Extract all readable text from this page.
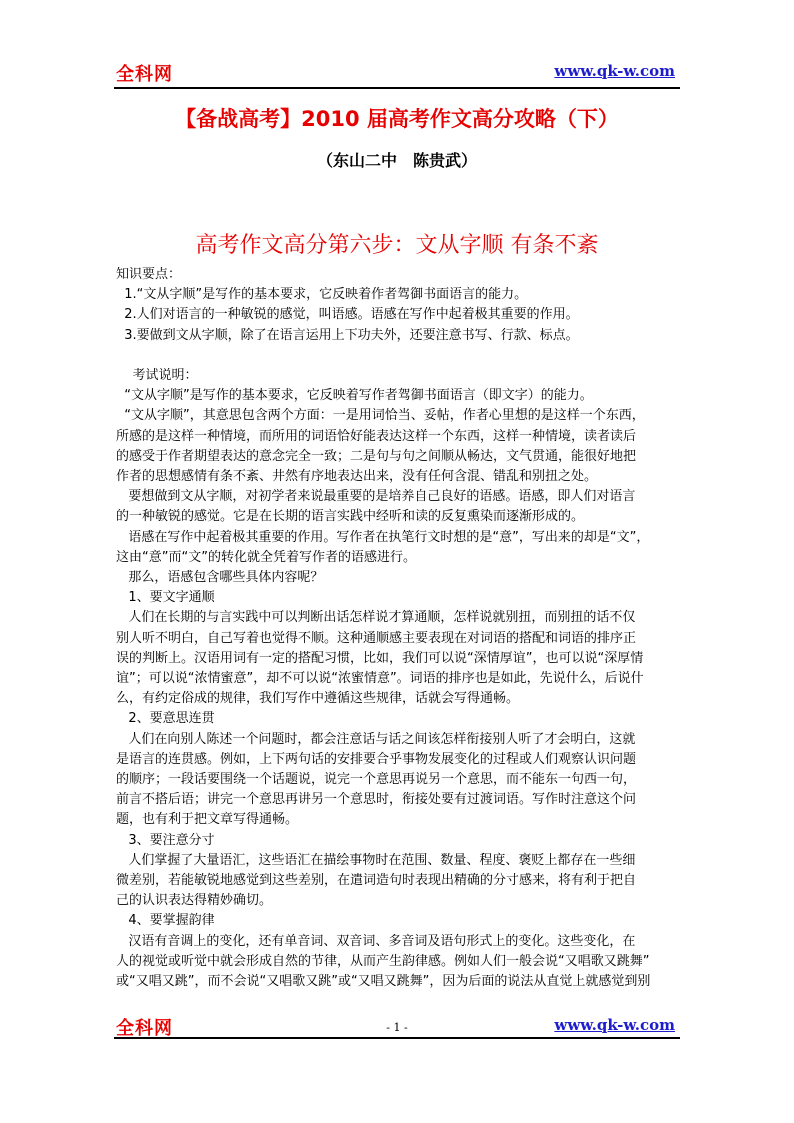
全科网	www.qk-w.com
【备战高考】2010 届高考作文高分攻略（下）
（东山二中　陈贵武）
高考作文高分第六步：文从字顺 有条不紊

知识要点：

1.“文从字顺”是写作的基本要求，它反映着作者驾御书面语言的能力。

2.人们对语言的一种敏锐的感觉，叫语感。语感在写作中起着极其重要的作用。

3.要做到文从字顺，除了在语言运用上下功夫外，还要注意书写、行款、标点。

考试说明：

“文从字顺”是写作的基本要求，它反映着写作者驾御书面语言（即文字）的能力。

“文从字顺”，其意思包含两个方面：一是用词恰当、妥帖，作者心里想的是这样一个东西，

所感的是这样一种情境，而所用的词语恰好能表达这样一个东西，这样一种情境，读者读后

的感受于作者期望表达的意念完全一致；二是句与句之间顺从畅达，文气贯通，能很好地把

作者的思想感情有条不紊、井然有序地表达出来，没有任何含混、错乱和别扭之处。

要想做到文从字顺，对初学者来说最重要的是培养自己良好的语感。语感，即人们对语言

的一种敏锐的感觉。它是在长期的语言实践中经听和读的反复熏染而逐渐形成的。

语感在写作中起着极其重要的作用。写作者在执笔行文时想的是“意”，写出来的却是“文”，

这由“意”而“文”的转化就全凭着写作者的语感进行。

那么，语感包含哪些具体内容呢？

1、要文字通顺

人们在长期的与言实践中可以判断出话怎样说才算通顺，怎样说就别扭，而别扭的话不仅

别人听不明白，自己写着也觉得不顺。这种通顺感主要表现在对词语的搭配和词语的排序正

误的判断上。汉语用词有一定的搭配习惯，比如，我们可以说“深情厚谊”，也可以说“深厚情

谊”；可以说“浓情蜜意”，却不可以说“浓蜜情意”。词语的排序也是如此，先说什么，后说什

么，有约定俗成的规律，我们写作中遵循这些规律，话就会写得通畅。

2、要意思连贯

人们在向别人陈述一个问题时，都会注意话与话之间该怎样衔接别人听了才会明白，这就

是语言的连贯感。例如，上下两句话的安排要合乎事物发展变化的过程或人们观察认识问题

的顺序；一段话要围绕一个话题说，说完一个意思再说另一个意思，而不能东一句西一句，

前言不搭后语；讲完一个意思再讲另一个意思时，衔接处要有过渡词语。写作时注意这个问

题，也有利于把文章写得通畅。

3、要注意分寸

人们掌握了大量语汇，这些语汇在描绘事物时在范围、数量、程度、褒贬上都存在一些细

微差别，若能敏锐地感觉到这些差别，在遣词造句时表现出精确的分寸感来，将有利于把自

己的认识表达得精妙确切。

4、要掌握韵律

汉语有音调上的变化，还有单音词、双音词、多音词及语句形式上的变化。这些变化，在

人的视觉或听觉中就会形成自然的节律，从而产生韵律感。例如人们一般会说“又唱歌又跳舞”

或“又唱又跳”，而不会说“又唱歌又跳”或“又唱又跳舞”，因为后面的说法从直觉上就感觉到别

全科网	- 1 -	www.qk-w.com
